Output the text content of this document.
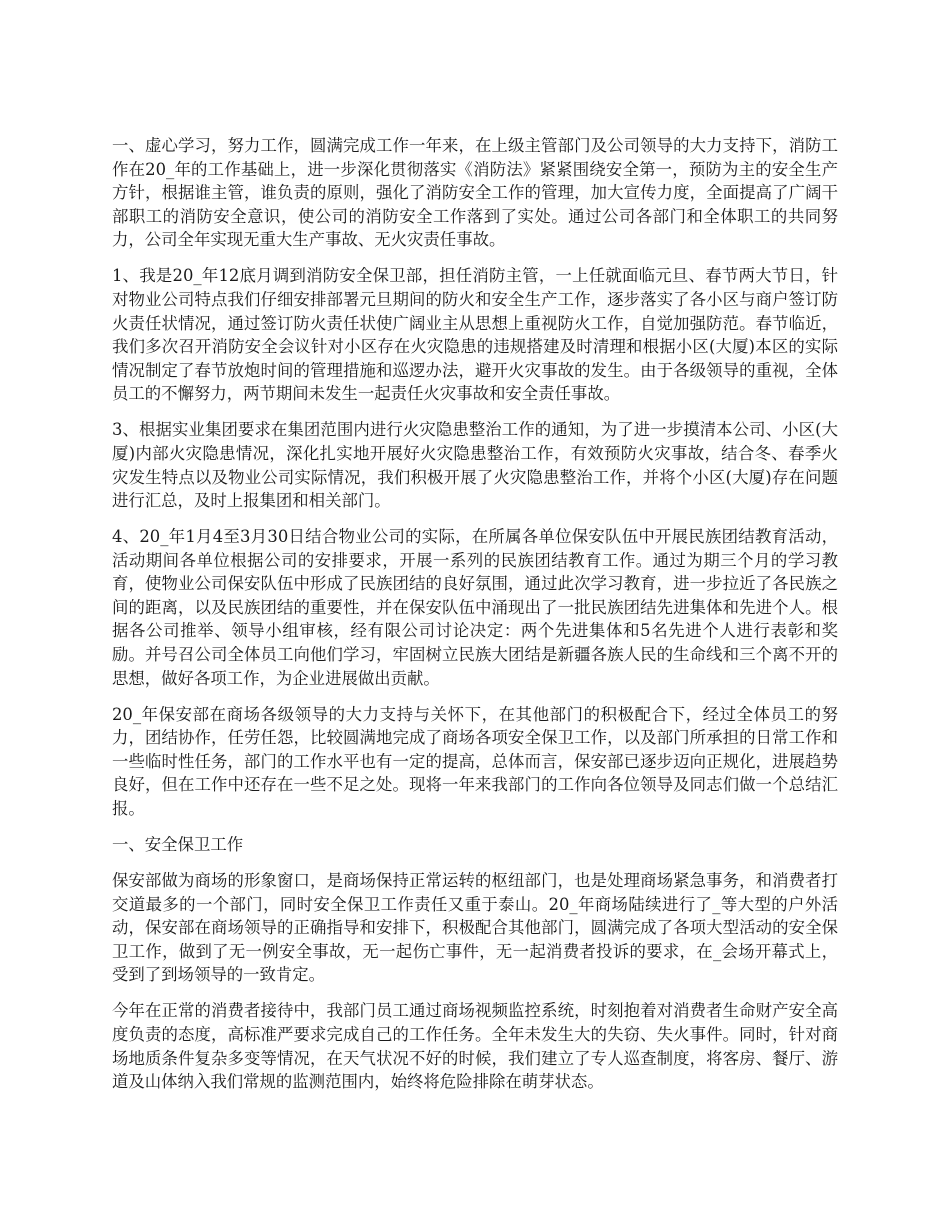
一、虚心学习，努力工作，圆满完成工作一年来，在上级主管部门及公司领导的大力支持下，消防工作在20_年的工作基础上，进一步深化贯彻落实《消防法》紧紧围绕安全第一，预防为主的安全生产方针，根据谁主管，谁负责的原则，强化了消防安全工作的管理，加大宣传力度，全面提高了广阔干部职工的消防安全意识，使公司的消防安全工作落到了实处。通过公司各部门和全体职工的共同努力，公司全年实现无重大生产事故、无火灾责任事故。

1、我是20_年12底月调到消防安全保卫部，担任消防主管，一上任就面临元旦、春节两大节日，针对物业公司特点我们仔细安排部署元旦期间的防火和安全生产工作，逐步落实了各小区与商户签订防火责任状情况，通过签订防火责任状使广阔业主从思想上重视防火工作，自觉加强防范。春节临近，我们多次召开消防安全会议针对小区存在火灾隐患的违规搭建及时清理和根据小区(大厦)本区的实际情况制定了春节放炮时间的管理措施和巡逻办法，避开火灾事故的发生。由于各级领导的重视，全体员工的不懈努力，两节期间未发生一起责任火灾事故和安全责任事故。

3、根据实业集团要求在集团范围内进行火灾隐患整治工作的通知，为了进一步摸清本公司、小区(大厦)内部火灾隐患情况，深化扎实地开展好火灾隐患整治工作，有效预防火灾事故，结合冬、春季火灾发生特点以及物业公司实际情况，我们积极开展了火灾隐患整治工作，并将个小区(大厦)存在问题进行汇总，及时上报集团和相关部门。

4、20_年1月4至3月30日结合物业公司的实际，在所属各单位保安队伍中开展民族团结教育活动，活动期间各单位根据公司的安排要求，开展一系列的民族团结教育工作。通过为期三个月的学习教育，使物业公司保安队伍中形成了民族团结的良好氛围，通过此次学习教育，进一步拉近了各民族之间的距离，以及民族团结的重要性，并在保安队伍中涌现出了一批民族团结先进集体和先进个人。根据各公司推举、领导小组审核，经有限公司讨论决定：两个先进集体和5名先进个人进行表彰和奖励。并号召公司全体员工向他们学习，牢固树立民族大团结是新疆各族人民的生命线和三个离不开的思想，做好各项工作，为企业进展做出贡献。

20_年保安部在商场各级领导的大力支持与关怀下，在其他部门的积极配合下，经过全体员工的努力，团结协作，任劳任怨，比较圆满地完成了商场各项安全保卫工作，以及部门所承担的日常工作和一些临时性任务，部门的工作水平也有一定的提高，总体而言，保安部已逐步迈向正规化，进展趋势良好，但在工作中还存在一些不足之处。现将一年来我部门的工作向各位领导及同志们做一个总结汇报。

一、安全保卫工作

保安部做为商场的形象窗口，是商场保持正常运转的枢纽部门，也是处理商场紧急事务，和消费者打交道最多的一个部门，同时安全保卫工作责任又重于泰山。20_年商场陆续进行了_等大型的户外活动，保安部在商场领导的正确指导和安排下，积极配合其他部门，圆满完成了各项大型活动的安全保卫工作，做到了无一例安全事故，无一起伤亡事件，无一起消费者投诉的要求，在_会场开幕式上，受到了到场领导的一致肯定。

今年在正常的消费者接待中，我部门员工通过商场视频监控系统，时刻抱着对消费者生命财产安全高度负责的态度，高标准严要求完成自己的工作任务。全年未发生大的失窃、失火事件。同时，针对商场地质条件复杂多变等情况，在天气状况不好的时候，我们建立了专人巡查制度，将客房、餐厅、游道及山体纳入我们常规的监测范围内，始终将危险排除在萌芽状态。
